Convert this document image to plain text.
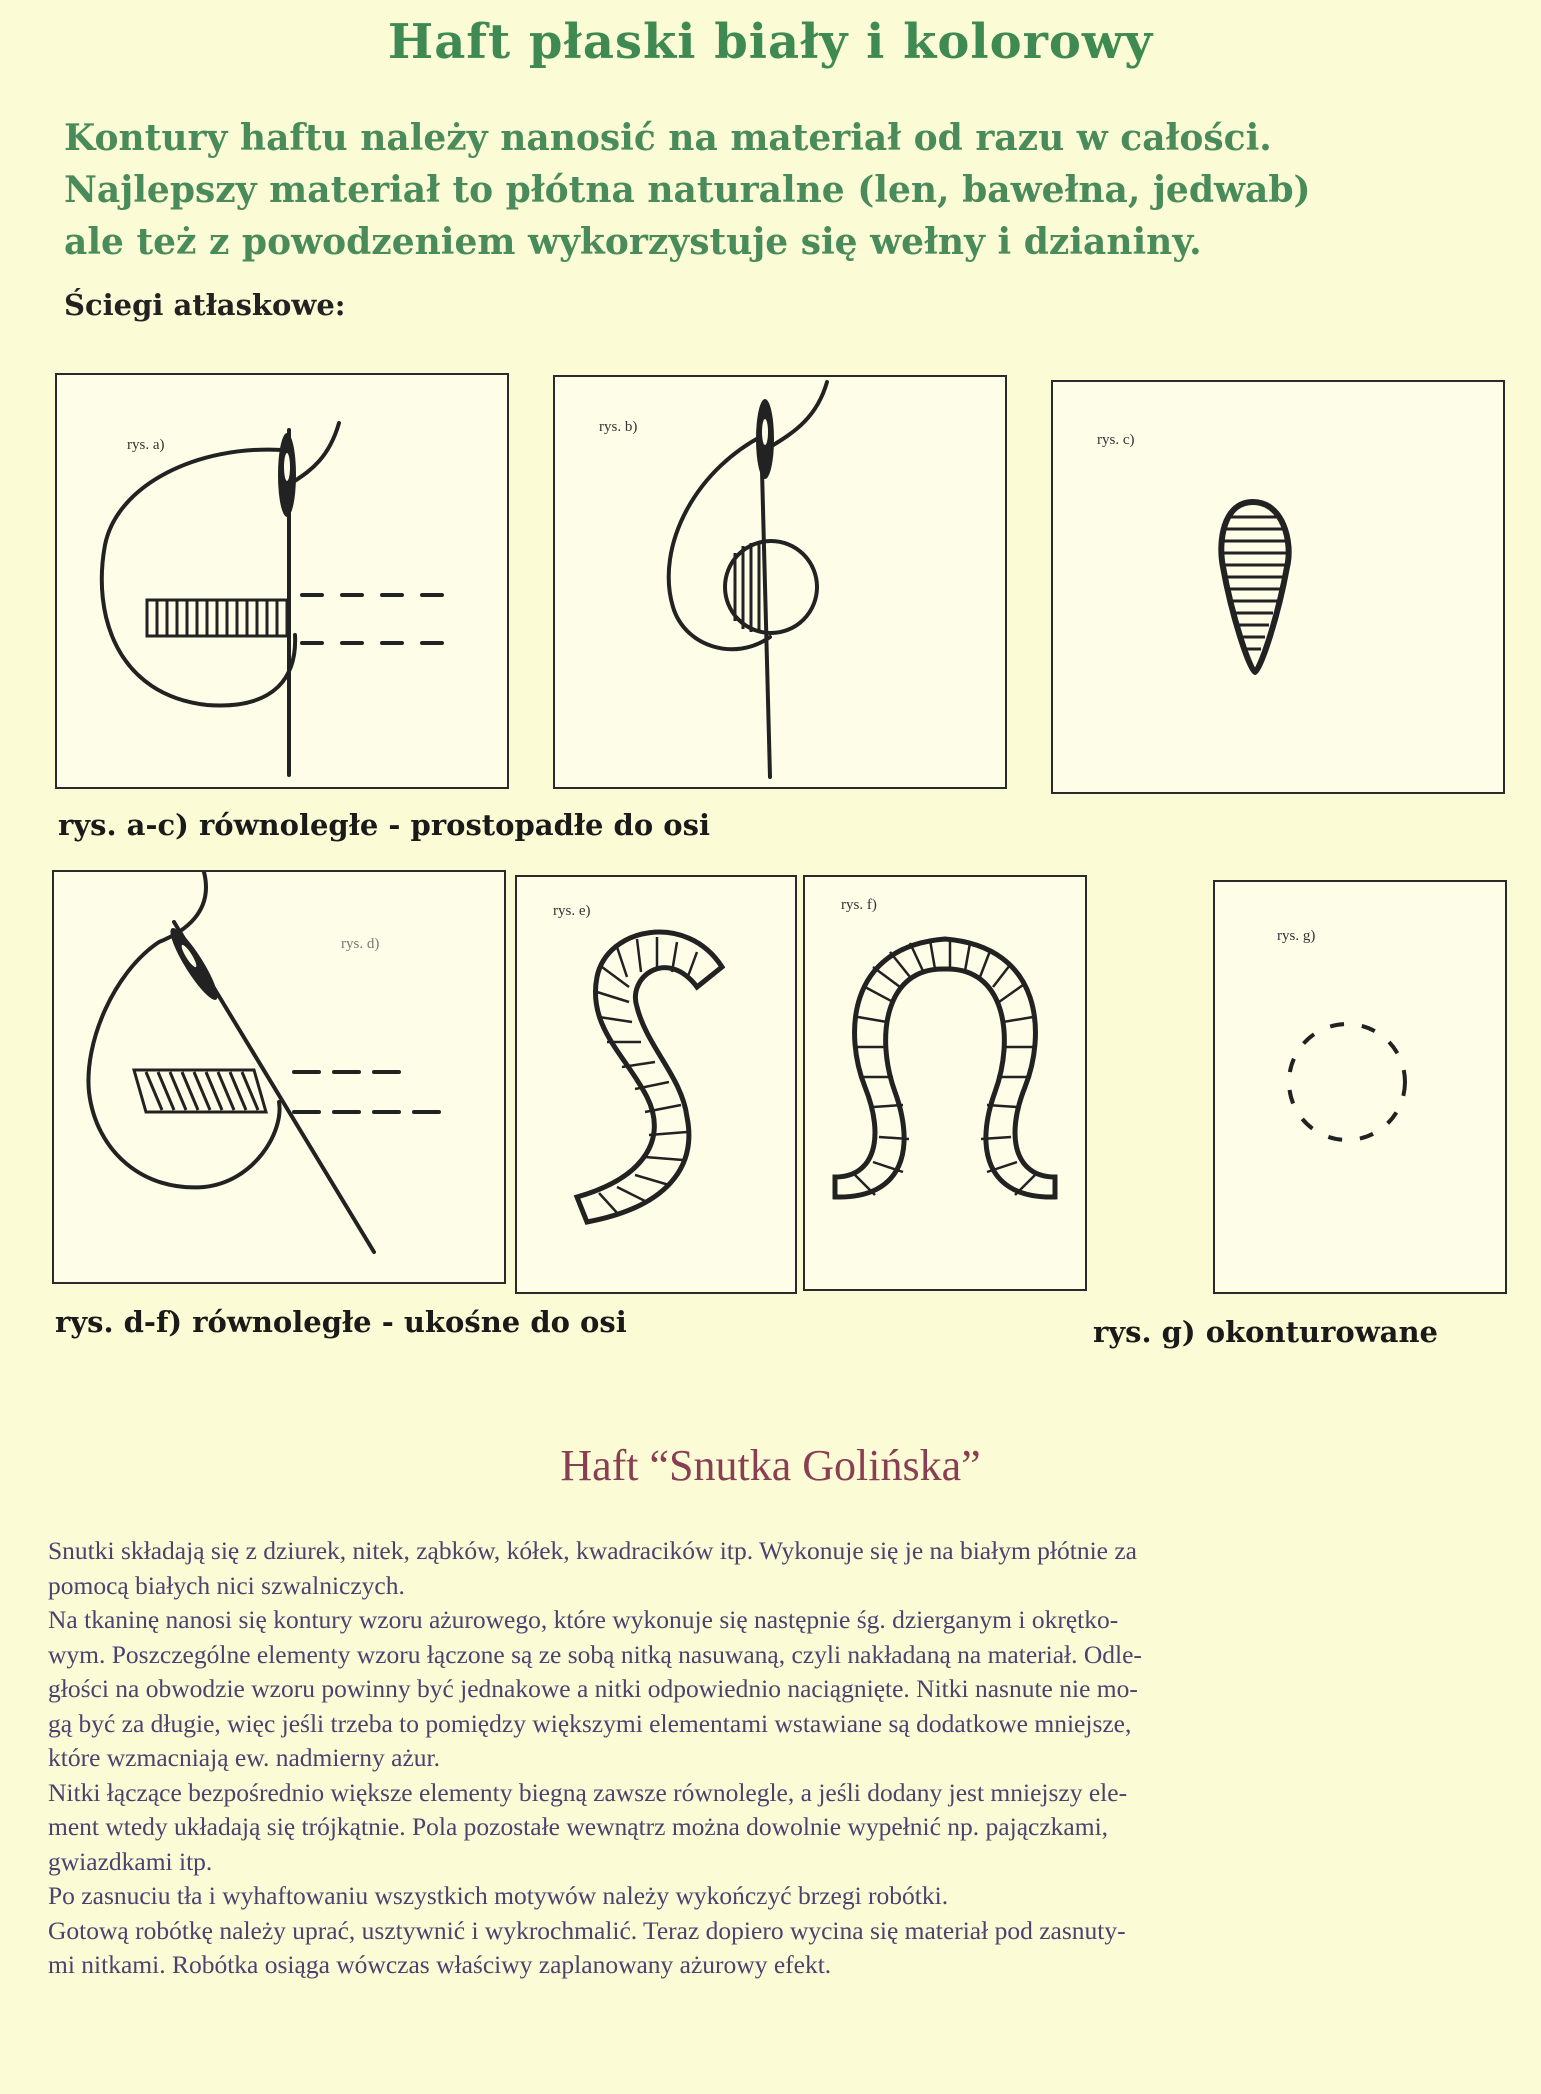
Haft płaski biały i kolorowy
Kontury haftu należy nanosić na materiał od razu w całości.
Najlepszy materiał to płótna naturalne (len, bawełna, jedwab)
ale też z powodzeniem wykorzystuje się wełny i dzianiny.
Ściegi atłaskowe:
rys. a)
rys. b)
rys. c)
rys. a-c) równoległe - prostopadłe do osi
rys. d)
rys. e)	rys. f)
rys. g)
rys. d-f) równoległe - ukośne do osi	rys. g) okonturowane
Haft “Snutka Golińska”

Snutki składają się z dziurek, nitek, ząbków, kółek, kwadracików itp. Wykonuje się je na białym płótnie za

pomocą białych nici szwalniczych.

Na tkaninę nanosi się kontury wzoru ażurowego, które wykonuje się następnie śg. dzierganym i okrętko-

wym. Poszczególne elementy wzoru łączone są ze sobą nitką nasuwaną, czyli nakładaną na materiał. Odle-

głości na obwodzie wzoru powinny być jednakowe a nitki odpowiednio naciągnięte. Nitki nasnute nie mo-

gą być za długie, więc jeśli trzeba to pomiędzy większymi elementami wstawiane są dodatkowe mniejsze,

które wzmacniają ew. nadmierny ażur.

Nitki łączące bezpośrednio większe elementy biegną zawsze równolegle, a jeśli dodany jest mniejszy ele-

ment wtedy układają się trójkątnie. Pola pozostałe wewnątrz można dowolnie wypełnić np. pajączkami,

gwiazdkami itp.

Po zasnuciu tła i wyhaftowaniu wszystkich motywów należy wykończyć brzegi robótki.

Gotową robótkę należy uprać, usztywnić i wykrochmalić. Teraz dopiero wycina się materiał pod zasnuty-

mi nitkami. Robótka osiąga wówczas właściwy zaplanowany ażurowy efekt.
